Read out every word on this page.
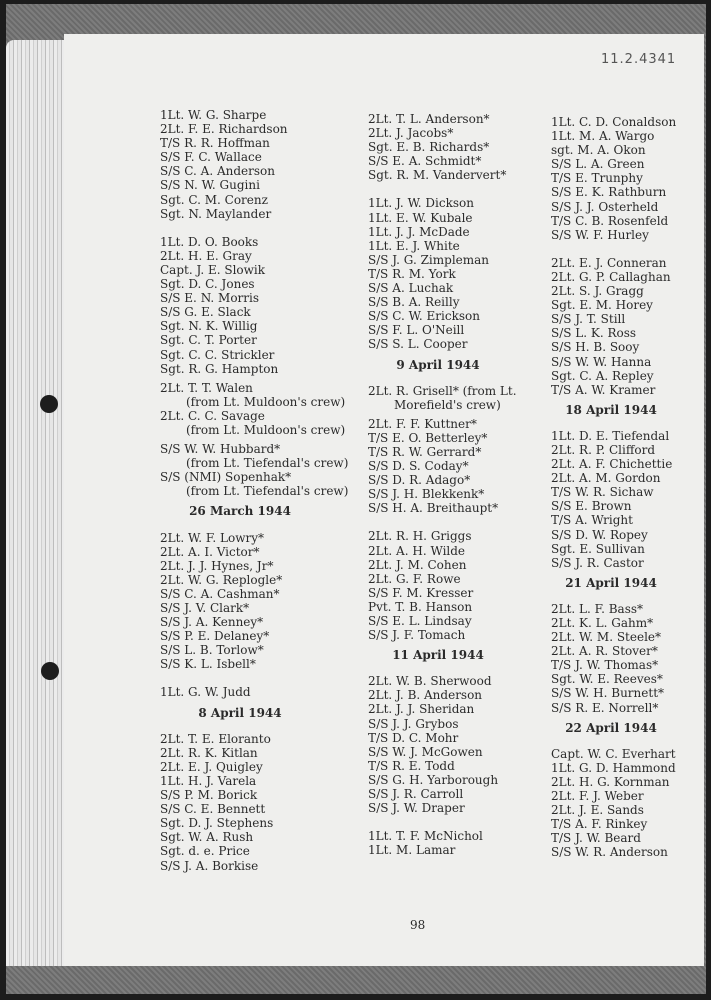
11.2.4341
1Lt. W. G. Sharpe
2Lt. F. E. Richardson
T/S R. R. Hoffman
S/S F. C. Wallace
S/S C. A. Anderson
S/S N. W. Gugini
Sgt. C. M. Corenz
Sgt. N. Maylander
1Lt. D. O. Books
2Lt. H. E. Gray
Capt. J. E. Slowik
Sgt. D. C. Jones
S/S E. N. Morris
S/S G. E. Slack
Sgt. N. K. Willig
Sgt. C. T. Porter
Sgt. C. C. Strickler
Sgt. R. G. Hampton
2Lt. T. T. Walen
(from Lt. Muldoon's crew)
2Lt. C. C. Savage
(from Lt. Muldoon's crew)
S/S W. W. Hubbard*
(from Lt. Tiefendal's crew)
S/S (NMI) Sopenhak*
(from Lt. Tiefendal's crew)
26 March 1944
2Lt. W. F. Lowry*
2Lt. A. I. Victor*
2Lt. J. J. Hynes, Jr*
2Lt. W. G. Replogle*
S/S C. A. Cashman*
S/S J. V. Clark*
S/S J. A. Kenney*
S/S P. E. Delaney*
S/S L. B. Torlow*
S/S K. L. Isbell*
1Lt. G. W. Judd
8 April 1944
2Lt. T. E. Eloranto
2Lt. R. K. Kitlan
2Lt. E. J. Quigley
1Lt. H. J. Varela
S/S P. M. Borick
S/S C. E. Bennett
Sgt. D. J. Stephens
Sgt. W. A. Rush
Sgt. d. e. Price
S/S J. A. Borkise
2Lt. T. L. Anderson*
2Lt. J. Jacobs*
Sgt. E. B. Richards*
S/S E. A. Schmidt*
Sgt. R. M. Vandervert*
1Lt. J. W. Dickson
1Lt. E. W. Kubale
1Lt. J. J. McDade
1Lt. E. J. White
S/S J. G. Zimpleman
T/S R. M. York
S/S A. Luchak
S/S B. A. Reilly
S/S C. W. Erickson
S/S F. L. O'Neill
S/S S. L. Cooper
9 April 1944
2Lt. R. Grisell* (from Lt.
Morefield's crew)
2Lt. F. F. Kuttner*
T/S E. O. Betterley*
T/S R. W. Gerrard*
S/S D. S. Coday*
S/S D. R. Adago*
S/S J. H. Blekkenk*
S/S H. A. Breithaupt*
2Lt. R. H. Griggs
2Lt. A. H. Wilde
2Lt. J. M. Cohen
2Lt. G. F. Rowe
S/S F. M. Kresser
Pvt. T. B. Hanson
S/S E. L. Lindsay
S/S J. F. Tomach
11 April 1944
2Lt. W. B. Sherwood
2Lt. J. B. Anderson
2Lt. J. J. Sheridan
S/S J. J. Grybos
T/S D. C. Mohr
S/S W. J. McGowen
T/S R. E. Todd
S/S G. H. Yarborough
S/S J. R. Carroll
S/S J. W. Draper
1Lt. T. F. McNichol
1Lt. M. Lamar
1Lt. C. D. Conaldson
1Lt. M. A. Wargo
sgt. M. A. Okon
S/S L. A. Green
T/S E. Trunphy
S/S E. K. Rathburn
S/S J. J. Osterheld
T/S C. B. Rosenfeld
S/S W. F. Hurley
2Lt. E. J. Conneran
2Lt. G. P. Callaghan
2Lt. S. J. Gragg
Sgt. E. M. Horey
S/S J. T. Still
S/S L. K. Ross
S/S H. B. Sooy
S/S W. W. Hanna
Sgt. C. A. Repley
T/S A. W. Kramer
18 April 1944
1Lt. D. E. Tiefendal
2Lt. R. P. Clifford
2Lt. A. F. Chichettie
2Lt. A. M. Gordon
T/S W. R. Sichaw
S/S E. Brown
T/S A. Wright
S/S D. W. Ropey
Sgt. E. Sullivan
S/S J. R. Castor
21 April 1944
2Lt. L. F. Bass*
2Lt. K. L. Gahm*
2Lt. W. M. Steele*
2Lt. A. R. Stover*
T/S J. W. Thomas*
Sgt. W. E. Reeves*
S/S W. H. Burnett*
S/S R. E. Norrell*
22 April 1944
Capt. W. C. Everhart
1Lt. G. D. Hammond
2Lt. H. G. Kornman
2Lt. F. J. Weber
2Lt. J. E. Sands
T/S A. F. Rinkey
T/S J. W. Beard
S/S W. R. Anderson
98
